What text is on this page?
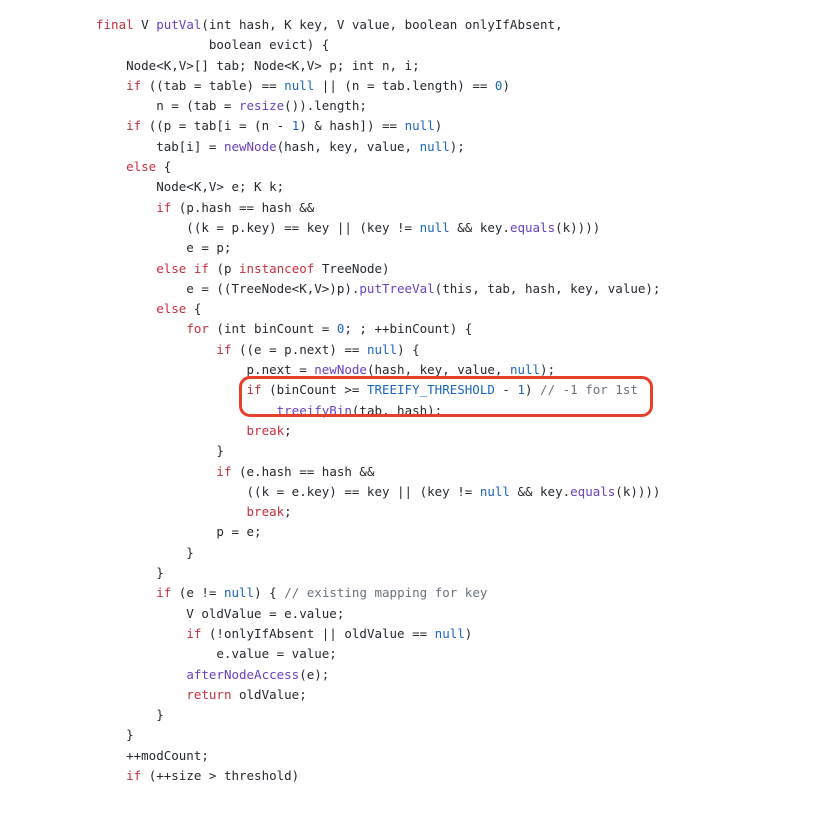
final V putVal(int hash, K key, V value, boolean onlyIfAbsent,
boolean evict) {
Node<K,V>[] tab; Node<K,V> p; int n, i;
if ((tab = table) == null || (n = tab.length) == 0)
n = (tab = resize()).length;
if ((p = tab[i = (n - 1) & hash]) == null)
tab[i] = newNode(hash, key, value, null);
else {
Node<K,V> e; K k;
if (p.hash == hash &&
((k = p.key) == key || (key != null && key.equals(k))))
e = p;
else if (p instanceof TreeNode)
e = ((TreeNode<K,V>)p).putTreeVal(this, tab, hash, key, value);
else {
for (int binCount = 0; ; ++binCount) {
if ((e = p.next) == null) {
p.next = newNode(hash, key, value, null);
if (binCount >= TREEIFY_THRESHOLD - 1) // -1 for 1st
treeifyBin(tab, hash);
break;
}
if (e.hash == hash &&
((k = e.key) == key || (key != null && key.equals(k))))
break;
p = e;
}
}
if (e != null) { // existing mapping for key
V oldValue = e.value;
if (!onlyIfAbsent || oldValue == null)
e.value = value;
afterNodeAccess(e);
return oldValue;
}
}
++modCount;
if (++size > threshold)
